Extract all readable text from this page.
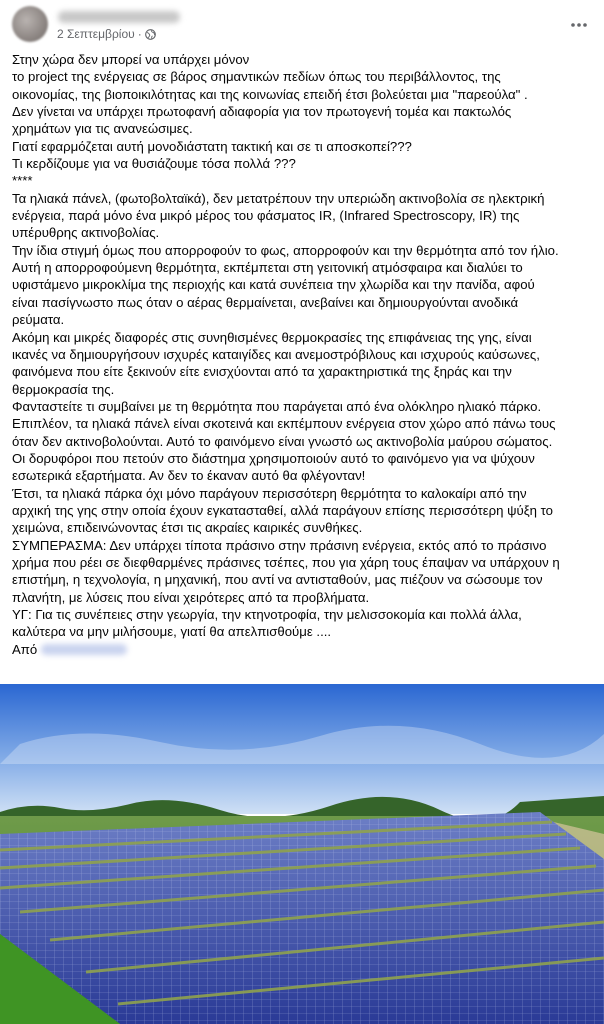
2 Σεπτεμβρίου ·

Στην χώρα δεν μπορεί να υπάρχει μόνον

το project της ενέργειας σε βάρος σημαντικών πεδίων όπως του περιβάλλοντος, της

οικονομίας, της βιοποικιλότητας και της κοινωνίας επειδή έτσι βολεύεται μια "παρεούλα" .

Δεν γίνεται να υπάρχει πρωτοφανή αδιαφορία για τον πρωτογενή τομέα και πακτωλός

χρημάτων για τις ανανεώσιμες.

Γιατί εφαρμόζεται αυτή μονοδιάστατη τακτική και σε τι αποσκοπεί???

Τι κερδίζουμε για να θυσιάζουμε τόσα πολλά ???

****

Τα ηλιακά πάνελ, (φωτοβολταϊκά), δεν μετατρέπουν την υπεριώδη ακτινοβολία σε ηλεκτρική

ενέργεια, παρά μόνο ένα μικρό μέρος του φάσματος IR, (Infrared Spectroscopy, IR) της

υπέρυθρης ακτινοβολίας.

Την ίδια στιγμή όμως που απορροφούν το φως, απορροφούν και την θερμότητα από τον ήλιο.

Αυτή η απορροφούμενη θερμότητα, εκπέμπεται στη γειτονική ατμόσφαιρα και διαλύει το

υφιστάμενο μικροκλίμα της περιοχής και κατά συνέπεια την χλωρίδα και την πανίδα, αφού

είναι πασίγνωστο πως όταν ο αέρας θερμαίνεται, ανεβαίνει και δημιουργούνται ανοδικά

ρεύματα.

Ακόμη και μικρές διαφορές στις συνηθισμένες θερμοκρασίες της επιφάνειας της γης, είναι

ικανές να δημιουργήσουν ισχυρές καταιγίδες και ανεμοστρόβιλους και ισχυρούς καύσωνες,

φαινόμενα που είτε ξεκινούν είτε ενισχύονται από τα χαρακτηριστικά της ξηράς και την

θερμοκρασία της.

Φανταστείτε τι συμβαίνει με τη θερμότητα που παράγεται από ένα ολόκληρο ηλιακό πάρκο.

Επιπλέον, τα ηλιακά πάνελ είναι σκοτεινά και εκπέμπουν ενέργεια στον χώρο από πάνω τους

όταν δεν ακτινοβολούνται. Αυτό το φαινόμενο είναι γνωστό ως ακτινοβολία μαύρου σώματος.

Οι δορυφόροι που πετούν στο διάστημα χρησιμοποιούν αυτό το φαινόμενο για να ψύχουν

εσωτερικά εξαρτήματα. Αν δεν το έκαναν αυτό θα φλέγονταν!

Έτσι, τα ηλιακά πάρκα όχι μόνο παράγουν περισσότερη θερμότητα το καλοκαίρι από την

αρχική της γης στην οποία έχουν εγκατασταθεί, αλλά παράγουν επίσης περισσότερη ψύξη το

χειμώνα, επιδεινώνοντας έτσι τις ακραίες καιρικές συνθήκες.

ΣΥΜΠΕΡΑΣΜΑ: Δεν υπάρχει τίποτα πράσινο στην πράσινη ενέργεια, εκτός από το πράσινο

χρήμα που ρέει σε διεφθαρμένες πράσινες τσέπες, που για χάρη τους έπαψαν να υπάρχουν η

επιστήμη, η τεχνολογία, η μηχανική, που αντί να αντισταθούν, μας πιέζουν να σώσουμε τον

πλανήτη, με λύσεις που είναι χειρότερες από τα προβλήματα.

ΥΓ: Για τις συνέπειες στην γεωργία, την κτηνοτροφία, την μελισσοκομία και πολλά άλλα,

καλύτερα να μην μιλήσουμε, γιατί θα απελπισθούμε ....

Από
